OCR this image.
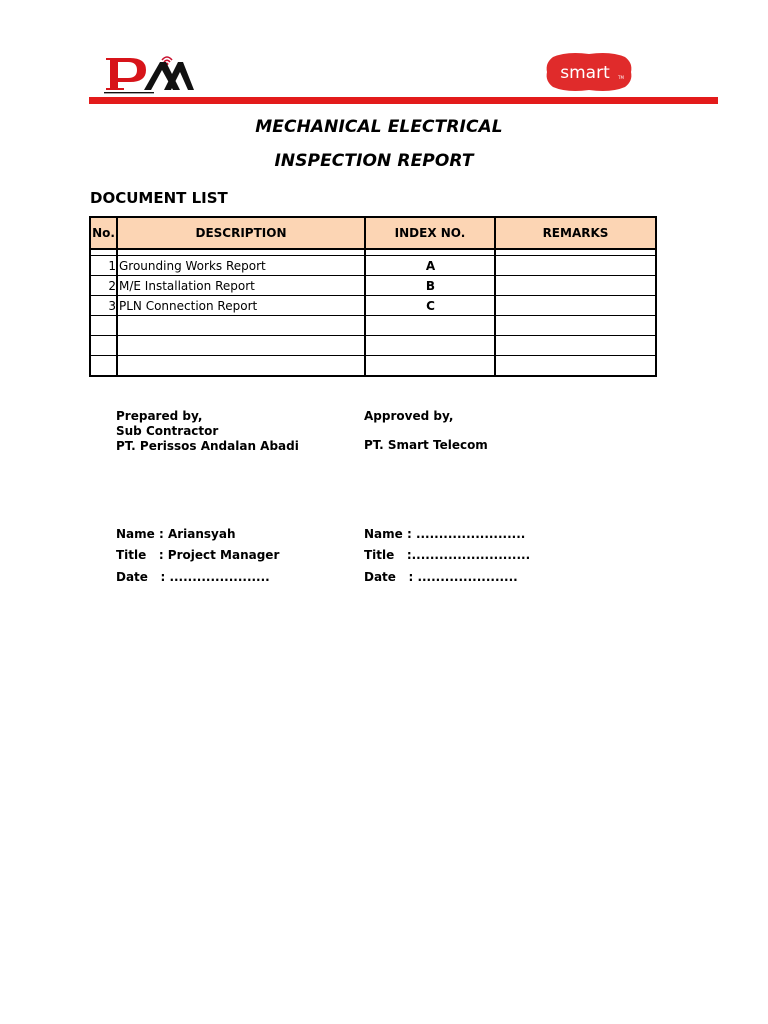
smart TM
MECHANICAL ELECTRICAL
INSPECTION REPORT
DOCUMENT LIST
No.	DESCRIPTION	INDEX NO.	REMARKS

1	Grounding Works Report	A	
2	M/E Installation Report	B	
3	PLN Connection Report	C	

Prepared by,
Sub Contractor
PT. Perissos Andalan Abadi
Name : Ariansyah
Title   : Project Manager
Date   : ......................
Approved by,
PT. Smart Telecom
Name : ........................
Title   :..........................
Date   : ......................
